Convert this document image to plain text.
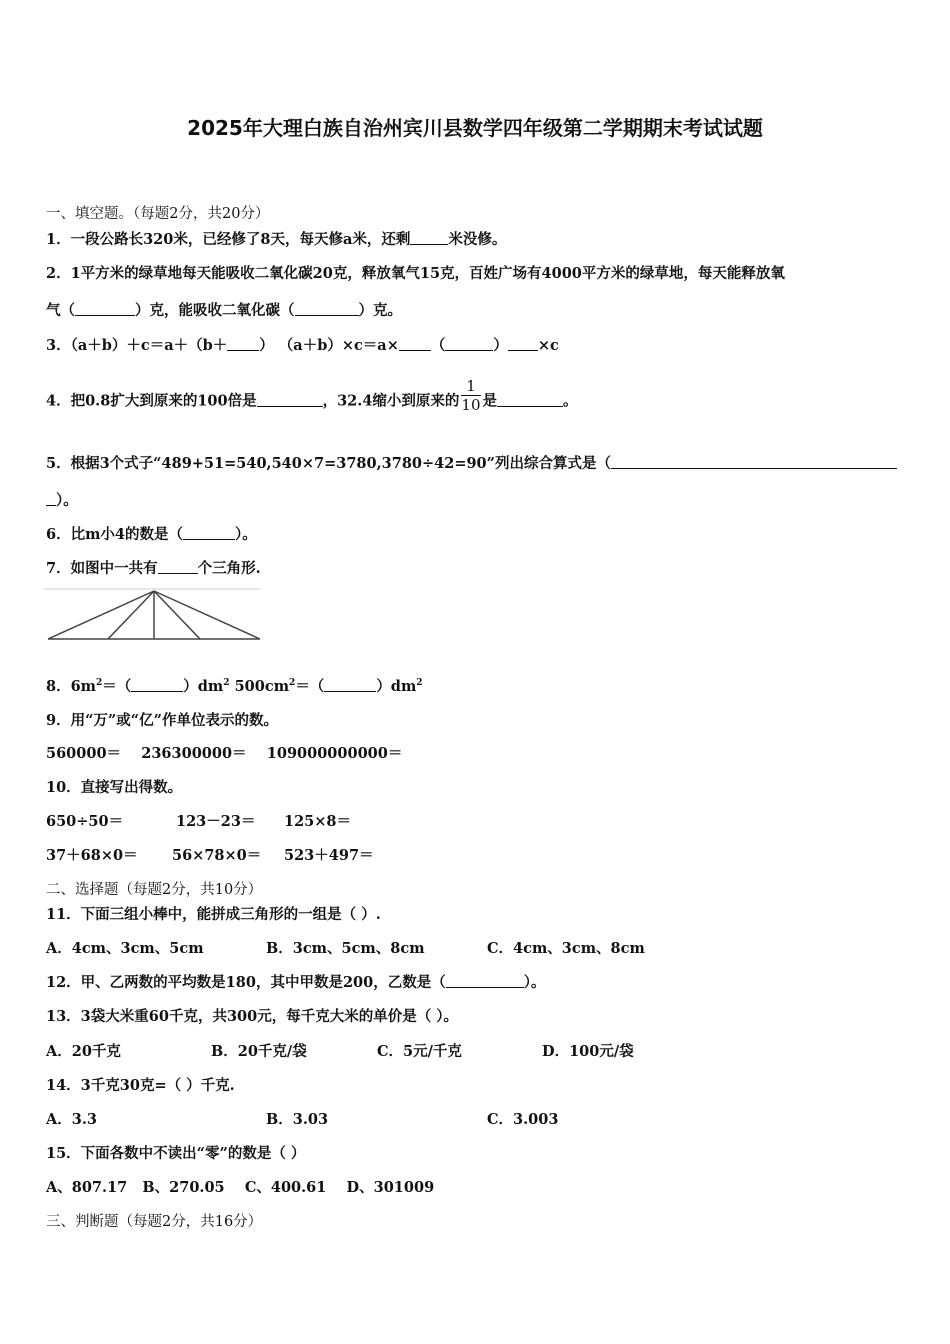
2025年大理白族自治州宾川县数学四年级第二学期期末考试试题
一、填空题。（每题2分，共20分）
1．一段公路长320米，已经修了8天，每天修a米，还剩	米没修。
2．1平方米的绿草地每天能吸收二氧化碳20克，释放氧气15克，百姓广场有4000平方米的绿草地，每天能释放氧
气（	）克，能吸收二氧化碳（	）克。
3．（a＋b）＋c＝a＋（b＋ ） （a＋b）×c＝a× （	） ×c
4．把0.8扩大到原来的100倍是	，32.4缩小到原来的 $\frac{1}{10}$ 是	。
5．根据3个式子“489+51=540,540×7=3780,3780÷42=90”列出综合算式是（
）。
6．比m小4的数是（	）。
7．如图中一共有	个三角形.
8．$6m^2=$（	）$dm^2$ $500cm^2=$（	）$dm^2$
9．用“万”或“亿”作单位表示的数。
560000＝ 236300000＝ 109000000000＝
10．直接写出得数。
650÷50＝	123－23＝ 125×8＝
37＋68×0＝ 56×78×0＝ 523＋497＝
二、选择题（每题2分，共10分）
11．下面三组小棒中，能拼成三角形的一组是（ ）.
A．4cm、3cm、5cm	B．3cm、5cm、8cm	C．4cm、3cm、8cm
12．甲、乙两数的平均数是180，其中甲数是200，乙数是（	）。
13．3袋大米重60千克，共300元，每千克大米的单价是（ ）。
A．20千克	B．20千克/袋	C．5元/千克	D．100元/袋
14．3千克30克=（ ）千克.
A．3.3	B．3.03	C．3.003
15．下面各数中不读出“零”的数是（ ）
A、807.17   B、270.05    C、400.61    D、301009
三、判断题（每题2分，共16分）
